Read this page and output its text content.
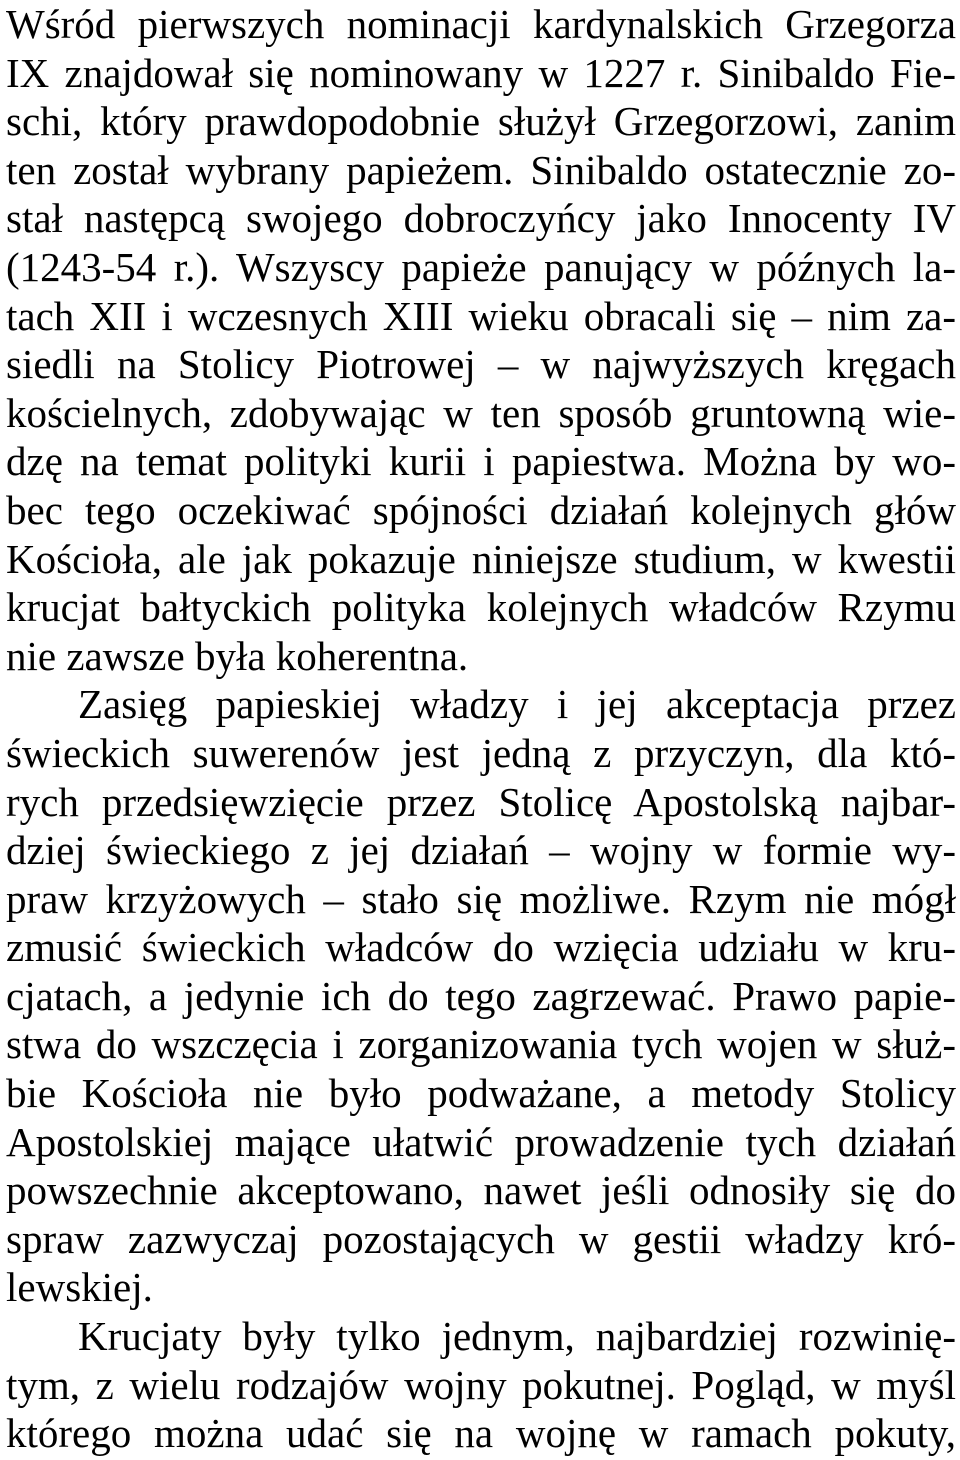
Wśród pierwszych nominacji kardynalskich Grzegorza
IX znajdował się nominowany w 1227 r. Sinibaldo Fie-
schi, który prawdopodobnie służył Grzegorzowi, zanim
ten został wybrany papieżem. Sinibaldo ostatecznie zo-
stał następcą swojego dobroczyńcy jako Innocenty IV
(1243-54 r.). Wszyscy papieże panujący w późnych la-
tach XII i wczesnych XIII wieku obracali się – nim za-
siedli na Stolicy Piotrowej – w najwyższych kręgach
kościelnych, zdobywając w ten sposób gruntowną wie-
dzę na temat polityki kurii i papiestwa. Można by wo-
bec tego oczekiwać spójności działań kolejnych głów
Kościoła, ale jak pokazuje niniejsze studium, w kwestii
krucjat bałtyckich polityka kolejnych władców Rzymu
nie zawsze była koherentna.
Zasięg papieskiej władzy i jej akceptacja przez
świeckich suwerenów jest jedną z przyczyn, dla któ-
rych przedsięwzięcie przez Stolicę Apostolską najbar-
dziej świeckiego z jej działań – wojny w formie wy-
praw krzyżowych – stało się możliwe. Rzym nie mógł
zmusić świeckich władców do wzięcia udziału w kru-
cjatach, a jedynie ich do tego zagrzewać. Prawo papie-
stwa do wszczęcia i zorganizowania tych wojen w służ-
bie Kościoła nie było podważane, a metody Stolicy
Apostolskiej mające ułatwić prowadzenie tych działań
powszechnie akceptowano, nawet jeśli odnosiły się do
spraw zazwyczaj pozostających w gestii władzy kró-
lewskiej.
Krucjaty były tylko jednym, najbardziej rozwinię-
tym, z wielu rodzajów wojny pokutnej. Pogląd, w myśl
którego można udać się na wojnę w ramach pokuty,
